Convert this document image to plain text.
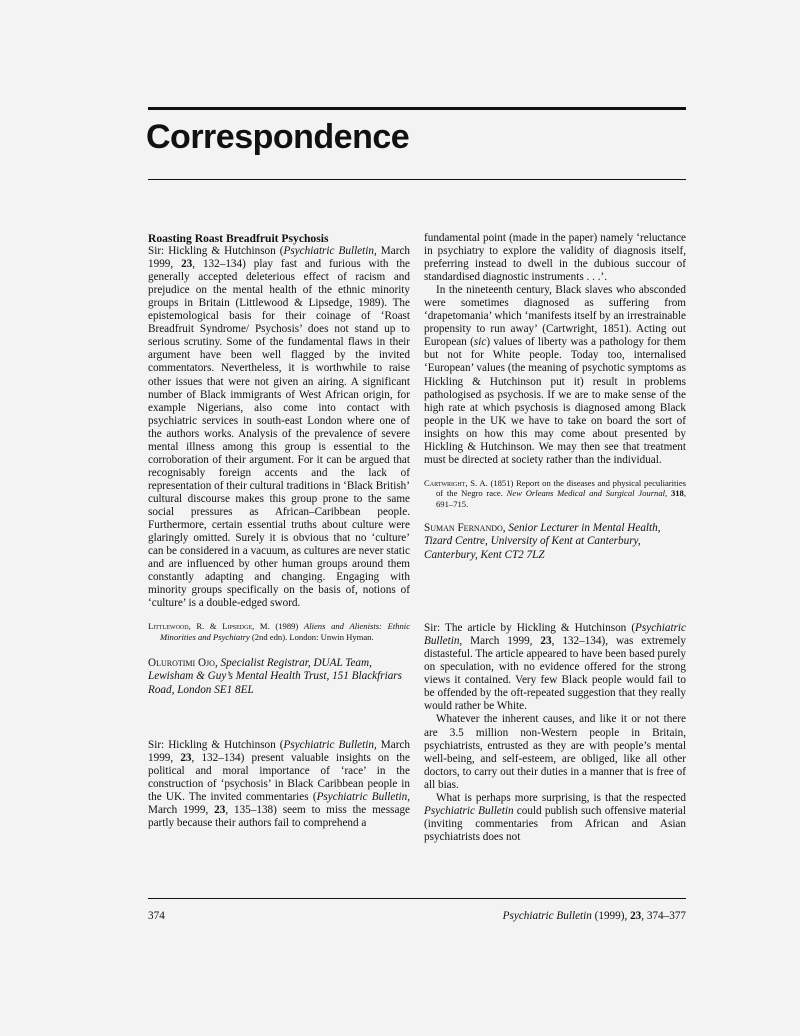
Correspondence

Roasting Roast Breadfruit Psychosis

Sir: Hickling & Hutchinson (Psychiatric Bulletin, March 1999, 23, 132–134) play fast and furious with the generally accepted deleterious effect of racism and prejudice on the mental health of the ethnic minority groups in Britain (Littlewood & Lipsedge, 1989). The epistemological basis for their coinage of ‘Roast Breadfruit Syndrome/ Psychosis’ does not stand up to serious scrutiny. Some of the fundamental flaws in their argument have been well flagged by the invited commentators. Nevertheless, it is worthwhile to raise other issues that were not given an airing. A significant number of Black immigrants of West African origin, for example Nigerians, also come into contact with psychiatric services in south-east London where one of the authors works. Analysis of the prevalence of severe mental illness among this group is essential to the corroboration of their argument. For it can be argued that recognisably foreign accents and the lack of representation of their cultural traditions in ‘Black British’ cultural discourse makes this group prone to the same social pressures as African–Caribbean people. Furthermore, certain essential truths about culture were glaringly omitted. Surely it is obvious that no ‘culture’ can be considered in a vacuum, as cultures are never static and are influenced by other human groups around them constantly adapting and changing. Engaging with minority groups specifically on the basis of, notions of ‘culture’ is a double-edged sword.

Littlewood, R. & Lipsedge, M. (1989) Aliens and Alienists: Ethnic Minorities and Psychiatry (2nd edn). London: Unwin Hyman.

Olurotimi Ojo, Specialist Registrar, DUAL Team, Lewisham & Guy’s Mental Health Trust, 151 Blackfriars Road, London SE1 8EL

Sir: Hickling & Hutchinson (Psychiatric Bulletin, March 1999, 23, 132–134) present valuable insights on the political and moral importance of ‘race’ in the construction of ‘psychosis’ in Black Caribbean people in the UK. The invited commentaries (Psychiatric Bulletin, March 1999, 23, 135–138) seem to miss the message partly because their authors fail to comprehend a

fundamental point (made in the paper) namely ‘reluctance in psychiatry to explore the validity of diagnosis itself, preferring instead to dwell in the dubious succour of standardised diagnostic instruments . . .’.

In the nineteenth century, Black slaves who absconded were sometimes diagnosed as suffering from ‘drapetomania’ which ‘manifests itself by an irrestrainable propensity to run away’ (Cartwright, 1851). Acting out European (sic) values of liberty was a pathology for them but not for White people. Today too, internalised ‘European’ values (the meaning of psychotic symptoms as Hickling & Hutchinson put it) result in problems pathologised as psychosis. If we are to make sense of the high rate at which psychosis is diagnosed among Black people in the UK we have to take on board the sort of insights on how this may come about presented by Hickling & Hutchinson. We may then see that treatment must be directed at society rather than the individual.

Cartwright, S. A. (1851) Report on the diseases and physical peculiarities of the Negro race. New Orleans Medical and Surgical Journal, 318, 691–715.

Suman Fernando, Senior Lecturer in Mental Health, Tizard Centre, University of Kent at Canterbury, Canterbury, Kent CT2 7LZ

Sir: The article by Hickling & Hutchinson (Psychiatric Bulletin, March 1999, 23, 132–134), was extremely distasteful. The article appeared to have been based purely on speculation, with no evidence offered for the strong views it contained. Very few Black people would fail to be offended by the oft-repeated suggestion that they really would rather be White.

Whatever the inherent causes, and like it or not there are 3.5 million non-Western people in Britain, psychiatrists, entrusted as they are with people’s mental well-being, and self-esteem, are obliged, like all other doctors, to carry out their duties in a manner that is free of all bias.

What is perhaps more surprising, is that the respected Psychiatric Bulletin could publish such offensive material (inviting commentaries from African and Asian psychiatrists does not

374	Psychiatric Bulletin (1999), 23, 374–377
